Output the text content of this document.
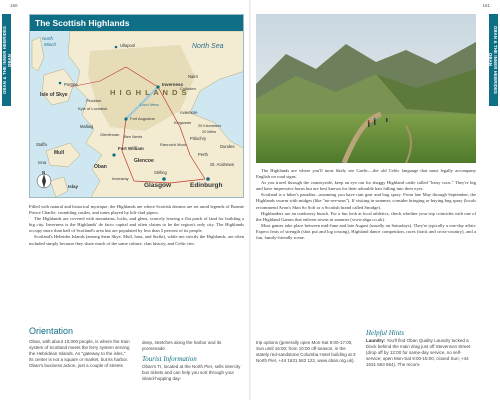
160	161
OBAN & THE INNER HEBRIDES OBAN	OBAN & THE INNER HEBRIDES
OBAN
The Scottish Highlands
North
Minch	Ullapool	North Sea
Inverness
Nairn
Isle of Skye
Portree
Kyle of Lochalsh
Plockton
H I G H L A N D S
Loch Ness
Culloden
Aviemore
Kingussie
Fort Augustus
Mallaig
Glenfinnan Ben Nevis
Fort William
Glencoe
Rannoch Moor
Oban
Mull
Iona
Staffa
Islay
Inveraray
Pitlochry
Perth
Dundee
St. Andrews
Stirling
Glasgow	Edinburgh
20 Kilometers
20 Miles
N

Filled with natural and historical mystique, the Highlands are where Scottish dreams are set amid legends of Bonnie Prince Charlie, crumbling castles, and tunes played by kilt-clad pipers.

The Highlands are covered with mountains, lochs, and glens, scarcely leaving a flat patch of land for building a big city. Inverness is the Highlands' de facto capital and often claims to be the region's only city. The Highlands occupy more than half of Scotland's area but are populated by less than 5 percent of its people.

Scotland's Hebrides Islands (among them Skye, Mull, Iona, and Staffa), while not strictly the Highlands, are often included simply because they share much of the same culture, clan history, and Celtic ties.

Orientation
Oban, with about 10,000 people, is where the train system of Scotland meets the ferry system serving the Hebridean Islands. As "gateway to the isles," its center is not a square or market, but its harbor. Oban's business action, just a couple of streets
deep, stretches along the harbor and its promenade.
Tourist Information
Oban's TI, located at the North Pier, sells intercity bus tickets and can help you sort through your island-hopping day-

The Highlands are where you'll most likely see Gaelic—the old Celtic language that must legally accompany English on road signs.

As you travel through the countryside, keep an eye out for shaggy Highland cattle called "hairy coos." They're big and have impressive horns but are best known for their adorable hair falling into their eyes.

Scotland is a hiker's paradise...assuming you have rain gear and bug spray. From late May through September, the Highlands swarm with midges (like "no-see-ums"). If visiting in summer, consider bringing or buying bug spray (locals recommend Avon's Skin So Soft or a Scottish brand called Smidge).

Highlanders are an outdoorsy bunch. For a fun look at local athletics, check whether your trip coincides with one of the Highland Games that enliven towns in summer (www.shga.co.uk).

Most games take place between mid-June and late August (usually on Saturdays). They're typically a one-day affair. Expect feats of strength (shot put and log tossing), Highland dance competition, races (track and cross-country), and a fun, family-friendly scene.

trip options (generally open Mon-Sat 9:00-17:00, Sun until 16:00; from 10:00 off-season, in the stately red-sandstone Columba Hotel building at 3 North Pier, +44 1631 563 122, www.oban.org.uk).
Helpful Hints
Laundry: You'll find Oban Quality Laundry tucked a block behind the main drag just off Stevenson Street (drop off by 12:00 for same-day service, no self-service; open Mon-Sat 9:00-15:00, closed Sun; +44 1631 563 554). The recom-
